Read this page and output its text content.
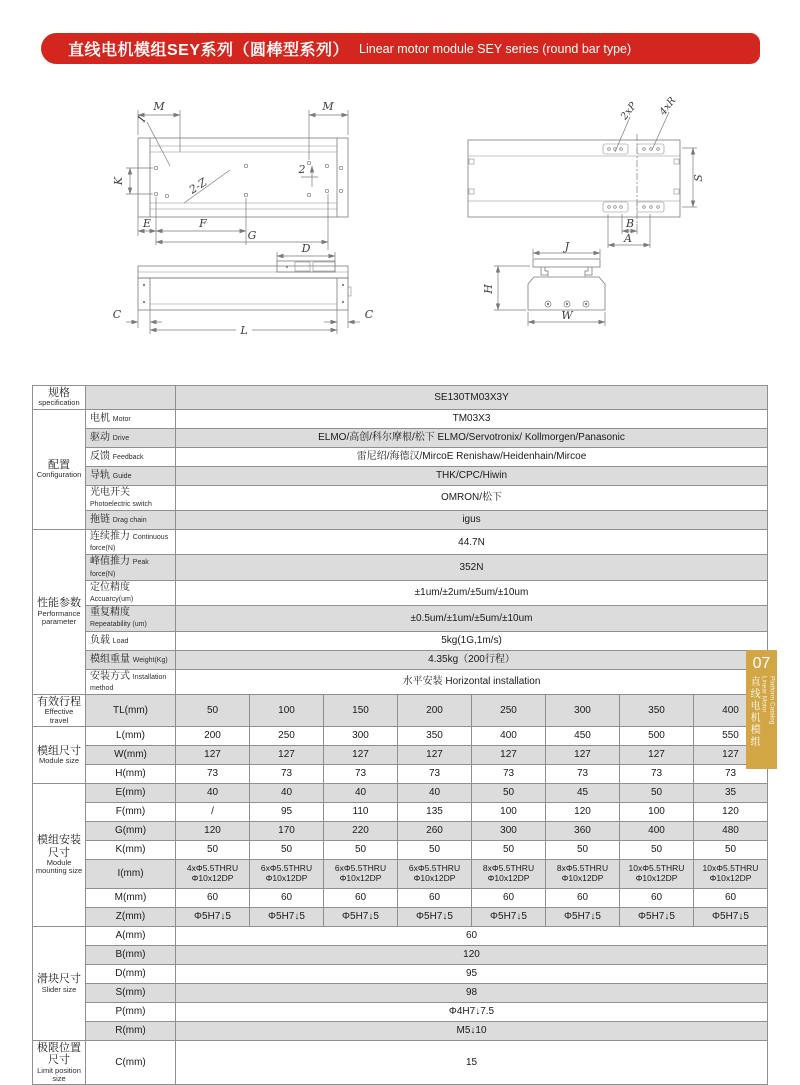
直线电机模组SEY系列（圆棒型系列） Linear motor module SEY series (round bar type)
M	M
I
K	2-Z
2
E	F
G
2xP 4xR
S
B
A
D
C	C
L
J
H
W
规格
specification		SE130TM03X3Y							

配置
Configuration	电机 Motor	TM03X3							
	驱动 Drive	ELMO/高创/科尔摩根/松下 ELMO/Servotronix/ Kollmorgen/Panasonic							
	反馈 Feedback	雷尼绍/海德汉/MircoE Renishaw/Heidenhain/Mircoe							
	导轨 Guide	THK/CPC/Hiwin							
	光电开关 Photoelectric switch	OMRON/松下							
	拖链 Drag chain	igus							

性能参数
Performance parameter	连续推力 Continuous force(N)	44.7N							
	峰值推力 Peak force(N)	352N							
	定位精度 Accuarcy(um)	±1um/±2um/±5um/±10um							
	重复精度 Repeatability (um)	±0.5um/±1um/±5um/±10um							
	负载 Load	5kg(1G,1m/s)							
	模组重量 Weight(Kg)	4.35kg（200行程）							
	安装方式 Installation method	水平安装 Horizontal installation							

有效行程
Effective travel	TL(mm)	50	100	150	200	250	300	350	400

模组尺寸
Module size	L(mm)	200	250	300	350	400	450	500	550
	W(mm)	127	127	127	127	127	127	127	127
	H(mm)	73	73	73	73	73	73	73	73

模组安装尺寸
Module mounting size	E(mm)	40	40	40	40	50	45	50	35
	F(mm)	/	95	110	135	100	120	100	120
	G(mm)	120	170	220	260	300	360	400	480
	K(mm)	50	50	50	50	50	50	50	50
	I(mm)	4xΦ5.5THRU Φ10x12DP	6xΦ5.5THRU Φ10x12DP	6xΦ5.5THRU Φ10x12DP	6xΦ5.5THRU Φ10x12DP	8xΦ5.5THRU Φ10x12DP	8xΦ5.5THRU Φ10x12DP	10xΦ5.5THRU Φ10x12DP	10xΦ5.5THRU Φ10x12DP
	M(mm)	60	60	60	60	60	60	60	60
	Z(mm)	Φ5H7↓5	Φ5H7↓5	Φ5H7↓5	Φ5H7↓5	Φ5H7↓5	Φ5H7↓5	Φ5H7↓5	Φ5H7↓5

滑块尺寸
Slider size	A(mm)	60							
	B(mm)	120							
	D(mm)	95							
	S(mm)	98							
	P(mm)	Φ4H7↓7.5							
	R(mm)	M5↓10							

极限位置尺寸
Limit position size	C(mm)	15							
07
直线电机模组 Linear Motor Platform Catalog
